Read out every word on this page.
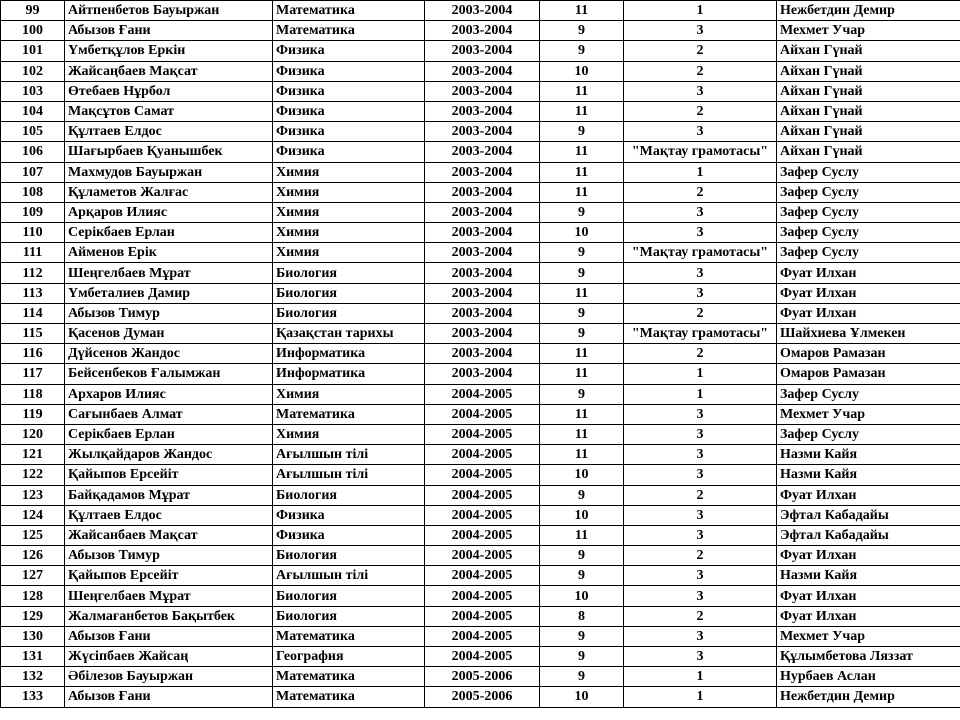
99	Айтпенбетов Бауыржан	Математика	2003-2004	11	1	Нежбетдин Демир
100	Абызов Ғани	Математика	2003-2004	9	3	Мехмет Учар
101	Үмбетқұлов Еркін	Физика	2003-2004	9	2	Айхан Гүнай
102	Жайсаңбаев Мақсат	Физика	2003-2004	10	2	Айхан Гүнай
103	Өтебаев Нұрбол	Физика	2003-2004	11	3	Айхан Гүнай
104	Мақсұтов Самат	Физика	2003-2004	11	2	Айхан Гүнай
105	Құлтаев Елдос	Физика	2003-2004	9	3	Айхан Гүнай
106	Шағырбаев Қуанышбек	Физика	2003-2004	11	"Мақтау грамотасы"	Айхан Гүнай
107	Махмудов Бауыржан	Химия	2003-2004	11	1	Зафер Суслу
108	Құламетов Жалғас	Химия	2003-2004	11	2	Зафер Суслу
109	Арқаров Илияс	Химия	2003-2004	9	3	Зафер Суслу
110	Серікбаев Ерлан	Химия	2003-2004	10	3	Зафер Суслу
111	Айменов Ерік	Химия	2003-2004	9	"Мақтау грамотасы"	Зафер Суслу
112	Шеңгелбаев Мұрат	Биология	2003-2004	9	3	Фуат Илхан
113	Үмбеталиев Дамир	Биология	2003-2004	11	3	Фуат Илхан
114	Абызов Тимур	Биология	2003-2004	9	2	Фуат Илхан
115	Қасенов Думан	Қазақстан тарихы	2003-2004	9	"Мақтау грамотасы"	Шайхиева Ұлмекен
116	Дүйсенов Жандос	Информатика	2003-2004	11	2	Омаров Рамазан
117	Бейсенбеков Ғалымжан	Информатика	2003-2004	11	1	Омаров Рамазан
118	Архаров Илияс	Химия	2004-2005	9	1	Зафер Суслу
119	Сағынбаев Алмат	Математика	2004-2005	11	3	Мехмет Учар
120	Серікбаев Ерлан	Химия	2004-2005	11	3	Зафер Суслу
121	Жылқайдаров Жандос	Ағылшын тілі	2004-2005	11	3	Назми Кайя
122	Қайыпов Ерсейіт	Ағылшын тілі	2004-2005	10	3	Назми Кайя
123	Байқадамов Мұрат	Биология	2004-2005	9	2	Фуат Илхан
124	Құлтаев Елдос	Физика	2004-2005	10	3	Эфтал Кабадайы
125	Жайсанбаев Мақсат	Физика	2004-2005	11	3	Эфтал Кабадайы
126	Абызов Тимур	Биология	2004-2005	9	2	Фуат Илхан
127	Қайыпов Ерсейіт	Ағылшын тілі	2004-2005	9	3	Назми Кайя
128	Шеңгелбаев Мұрат	Биология	2004-2005	10	3	Фуат Илхан
129	Жалмағанбетов Бақытбек	Биология	2004-2005	8	2	Фуат Илхан
130	Абызов Ғани	Математика	2004-2005	9	3	Мехмет Учар
131	Жүсіпбаев Жайсаң	География	2004-2005	9	3	Құлымбетова Ляззат
132	Әбілезов Бауыржан	Математика	2005-2006	9	1	Нурбаев Аслан
133	Абызов Ғани	Математика	2005-2006	10	1	Нежбетдин Демир
